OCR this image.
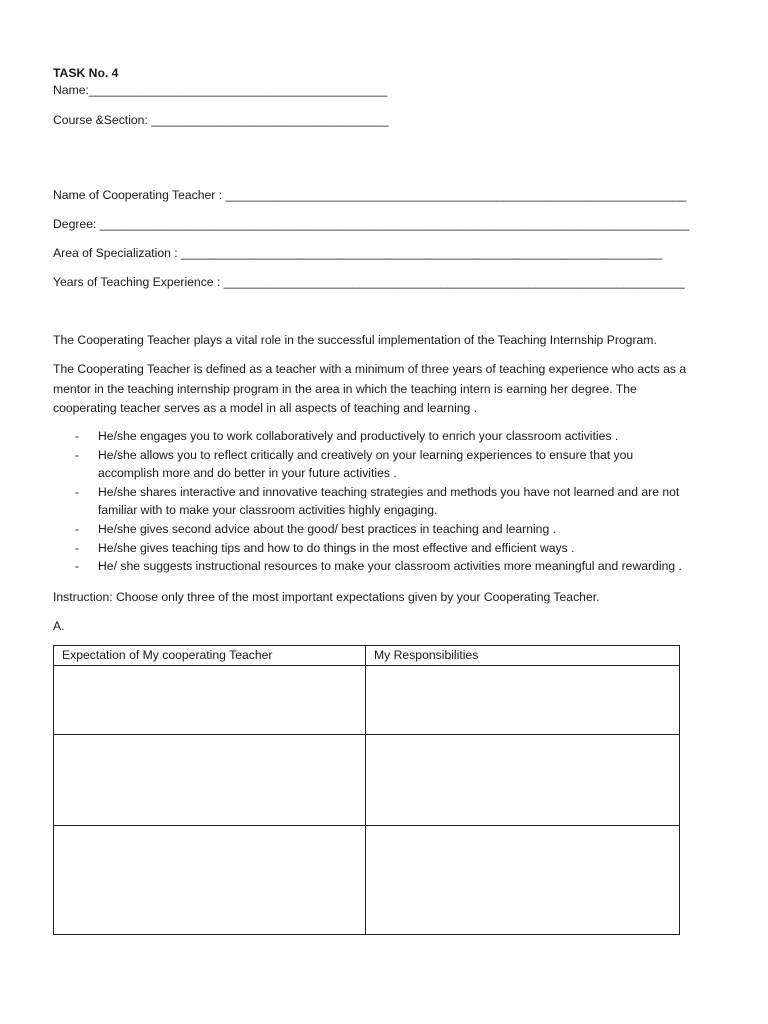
TASK No. 4
Name:____________________________________________
Course &Section: ___________________________________
Name of Cooperating Teacher : ____________________________________________________________________
Degree: _______________________________________________________________________________________
Area of Specialization : _______________________________________________________________________
Years of Teaching Experience : ____________________________________________________________________
The Cooperating Teacher plays a vital role in the successful implementation of the Teaching Internship Program.
The Cooperating Teacher is defined as a teacher with a minimum of three years of teaching experience who acts as a
mentor in the teaching internship program in the area in which the teaching intern is earning her degree. The
cooperating teacher serves as a model in all aspects of teaching and learning .
- He/she engages you to work collaboratively and productively to enrich your classroom activities .
- He/she allows you to reflect critically and creatively on your learning experiences to ensure that you
accomplish more and do better in your future activities .
- He/she shares interactive and innovative teaching strategies and methods you have not learned and are not
familiar with to make your classroom activities highly engaging.
- He/she gives second advice about the good/ best practices in teaching and learning .
- He/she gives teaching tips and how to do things in the most effective and efficient ways .
- He/ she suggests instructional resources to make your classroom activities more meaningful and rewarding .
Instruction: Choose only three of the most important expectations given by your Cooperating Teacher.
A.
Expectation of My cooperating Teacher	My Responsibilities
